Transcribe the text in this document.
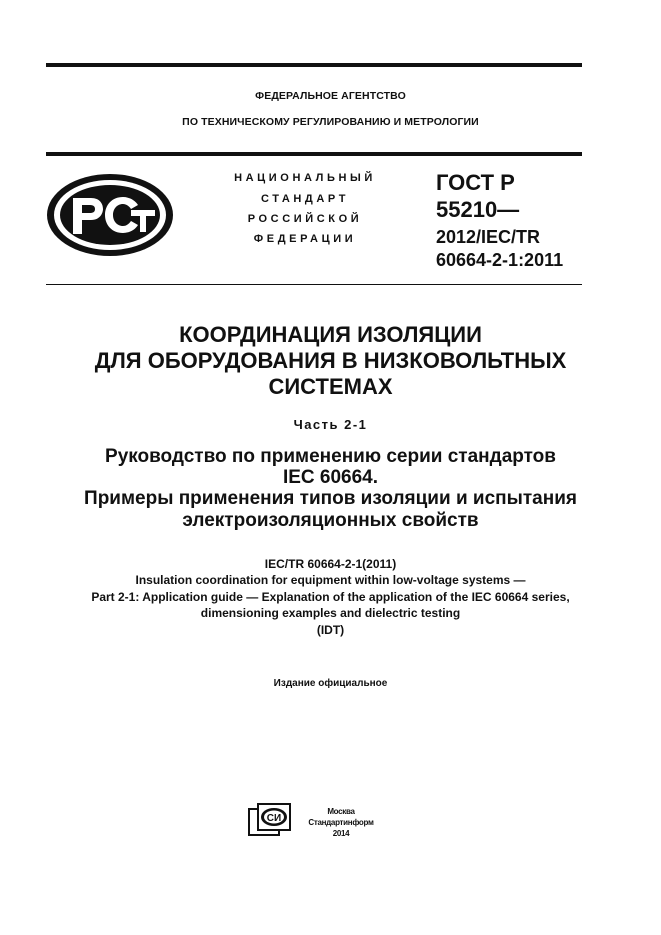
ФЕДЕРАЛЬНОЕ АГЕНТСТВО
ПО ТЕХНИЧЕСКОМУ РЕГУЛИРОВАНИЮ И МЕТРОЛОГИИ
НАЦИОНАЛЬНЫЙ
СТАНДАРТ
РОССИЙСКОЙ
ФЕДЕРАЦИИ
ГОСТ Р
55210—
2012/IEC/TR
60664-2-1:2011
КООРДИНАЦИЯ ИЗОЛЯЦИИ
ДЛЯ ОБОРУДОВАНИЯ В НИЗКОВОЛЬТНЫХ
СИСТЕМАХ
Часть 2-1
Руководство по применению серии стандартов
IEC 60664.
Примеры применения типов изоляции и испытания
электроизоляционных свойств
IEC/TR 60664-2-1(2011)
Insulation coordination for equipment within low-voltage systems —
Part 2-1: Application guide — Explanation of the application of the IEC 60664 series,
dimensioning examples and dielectric testing
(IDT)
Издание официальное
СИ
Москва
Стандартинформ
2014
